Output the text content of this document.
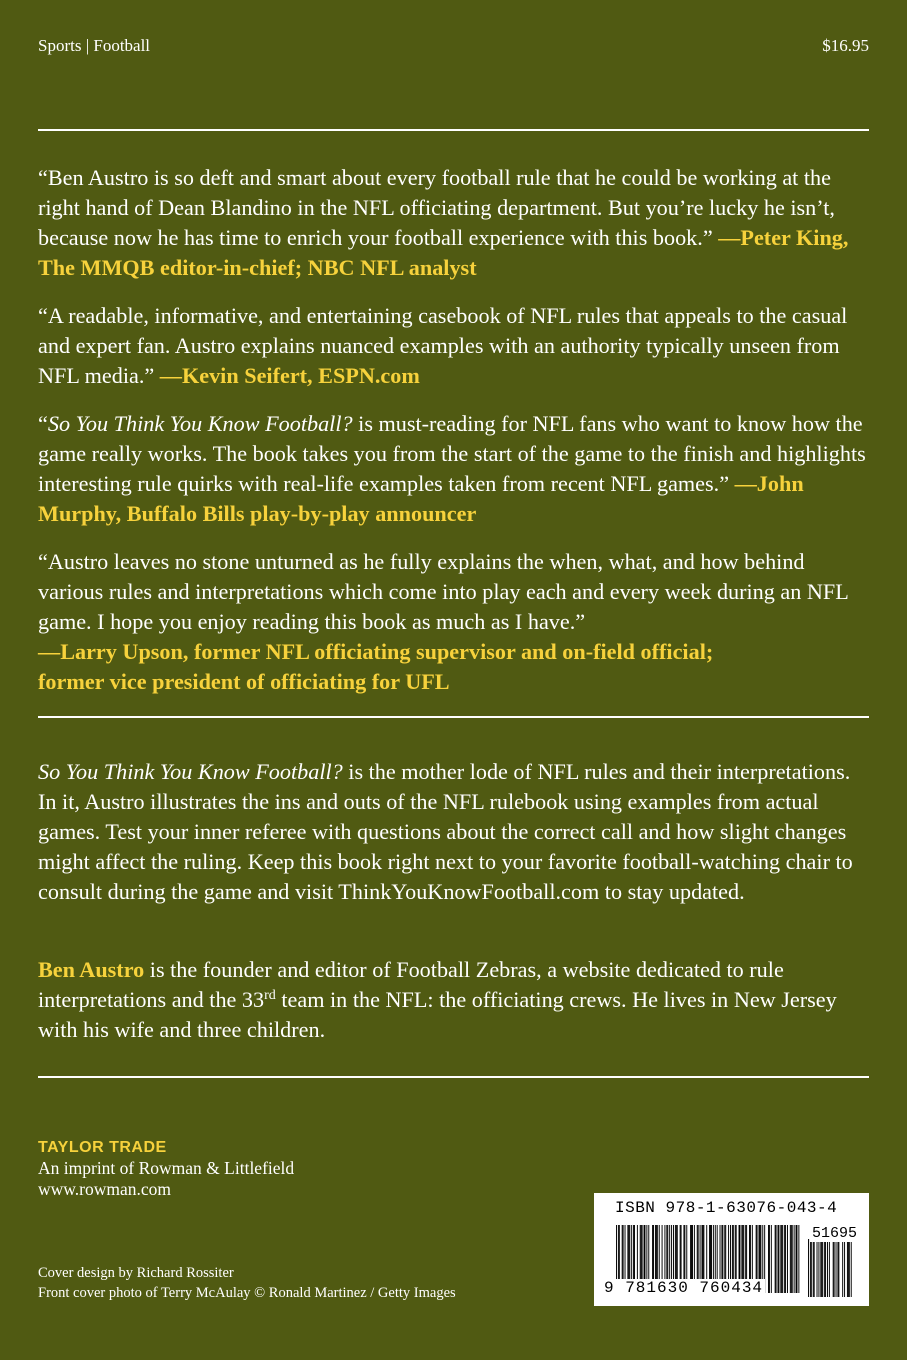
Sports | Football	$16.95

“Ben Austro is so deft and smart about every football rule that he could be working at the right hand of Dean Blandino in the NFL officiating department. But you’re lucky he isn’t, because now he has time to enrich your football experience with this book.” —Peter King, The MMQB editor-in-chief; NBC NFL analyst

“A readable, informative, and entertaining casebook of NFL rules that appeals to the casual and expert fan. Austro explains nuanced examples with an authority typically unseen from NFL media.” —Kevin Seifert, ESPN.com

“So You Think You Know Football? is must-reading for NFL fans who want to know how the game really works. The book takes you from the start of the game to the finish and highlights interesting rule quirks with real-life examples taken from recent NFL games.” —John Murphy, Buffalo Bills play-by-play announcer

“Austro leaves no stone unturned as he fully explains the when, what, and how behind various rules and interpretations which come into play each and every week during an NFL game. I hope you enjoy reading this book as much as I have.”
—Larry Upson, former NFL officiating supervisor and on-field official;
former vice president of officiating for UFL

So You Think You Know Football? is the mother lode of NFL rules and their interpretations. In it, Austro illustrates the ins and outs of the NFL rulebook using examples from actual games. Test your inner referee with questions about the correct call and how slight changes might affect the ruling. Keep this book right next to your favorite football-watching chair to consult during the game and visit ThinkYouKnowFootball.com to stay updated.

Ben Austro is the founder and editor of Football Zebras, a website dedicated to rule interpretations and the 33rd team in the NFL: the officiating crews. He lives in New Jersey with his wife and three children.

TAYLOR TRADE
An imprint of Rowman & Littlefield
www.rowman.com
Cover design by Richard Rossiter
Front cover photo of Terry McAulay © Ronald Martinez / Getty Images
ISBN 978-1-63076-043-4
51695
9 781630 760434
